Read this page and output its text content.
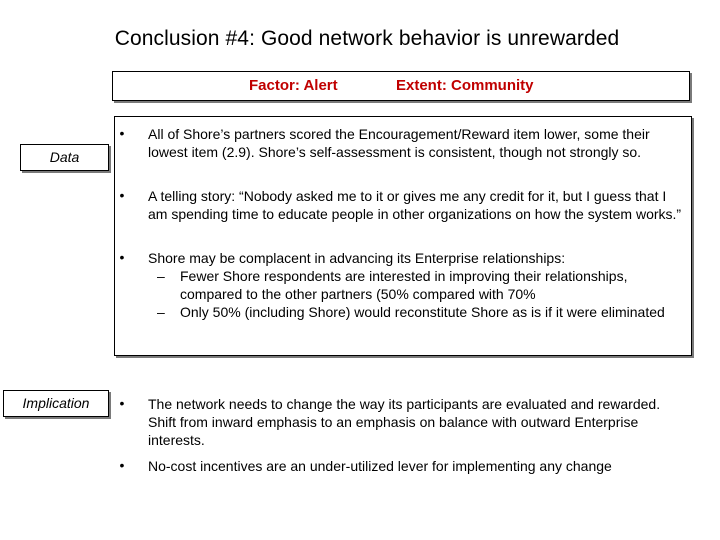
Conclusion #4: Good network behavior is unrewarded
Factor: Alert	Extent: Community
Data
Implication
• All of Shore’s partners scored the Encouragement/Reward item lower, some their lowest item (2.9). Shore’s self-assessment is consistent, though not strongly so.
• A telling story: “Nobody asked me to it or gives me any credit for it, but I guess that I am spending time to educate people in other organizations on how the system works.”
• Shore may be complacent in advancing its Enterprise relationships:
– Fewer Shore respondents are interested in improving their relationships, compared to the other partners (50% compared with 70%
– Only 50% (including Shore) would reconstitute Shore as is if it were eliminated
• The network needs to change the way its participants are evaluated and rewarded. Shift from inward emphasis to an emphasis on balance with outward Enterprise interests.
• No-cost incentives are an under-utilized lever for implementing any change
